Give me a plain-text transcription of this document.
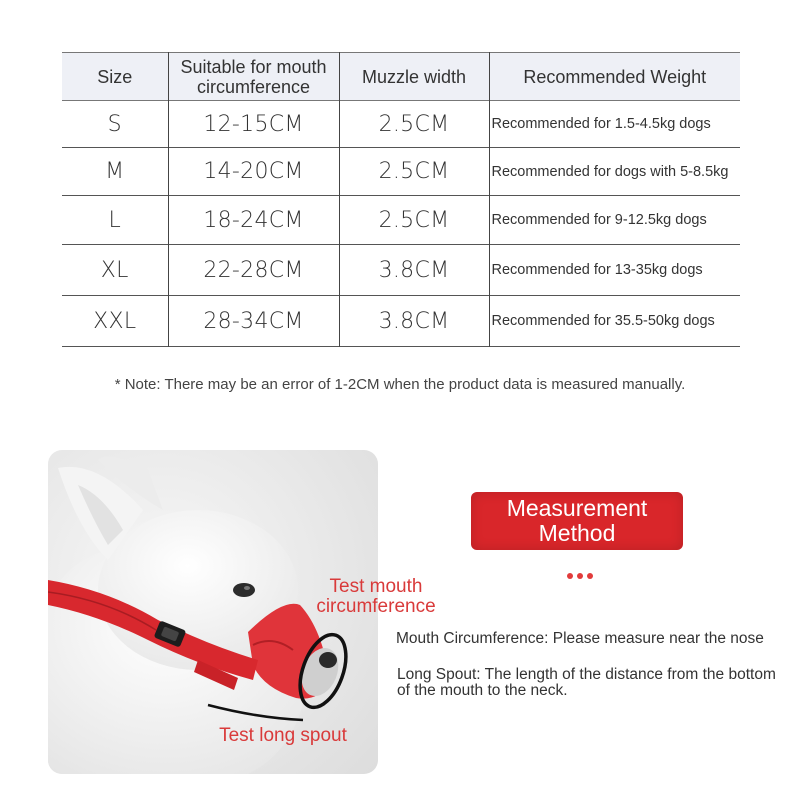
Size	Suitable for mouth circumference	Muzzle width	Recommended Weight
S	12-15CM	2.5CM	Recommended for 1.5-4.5kg dogs
M	14-20CM	2.5CM	Recommended for dogs with 5-8.5kg
L	18-24CM	2.5CM	Recommended for 9-12.5kg dogs
XL	22-28CM	3.8CM	Recommended for 13-35kg dogs
XXL	28-34CM	3.8CM	Recommended for 35.5-50kg dogs
* Note: There may be an error of 1-2CM when the product data is measured manually.
Test mouth circumference
Test long spout
Measurement Method
Mouth Circumference: Please measure near the nose
Long Spout: The length of the distance from the bottom of the mouth to the neck.
